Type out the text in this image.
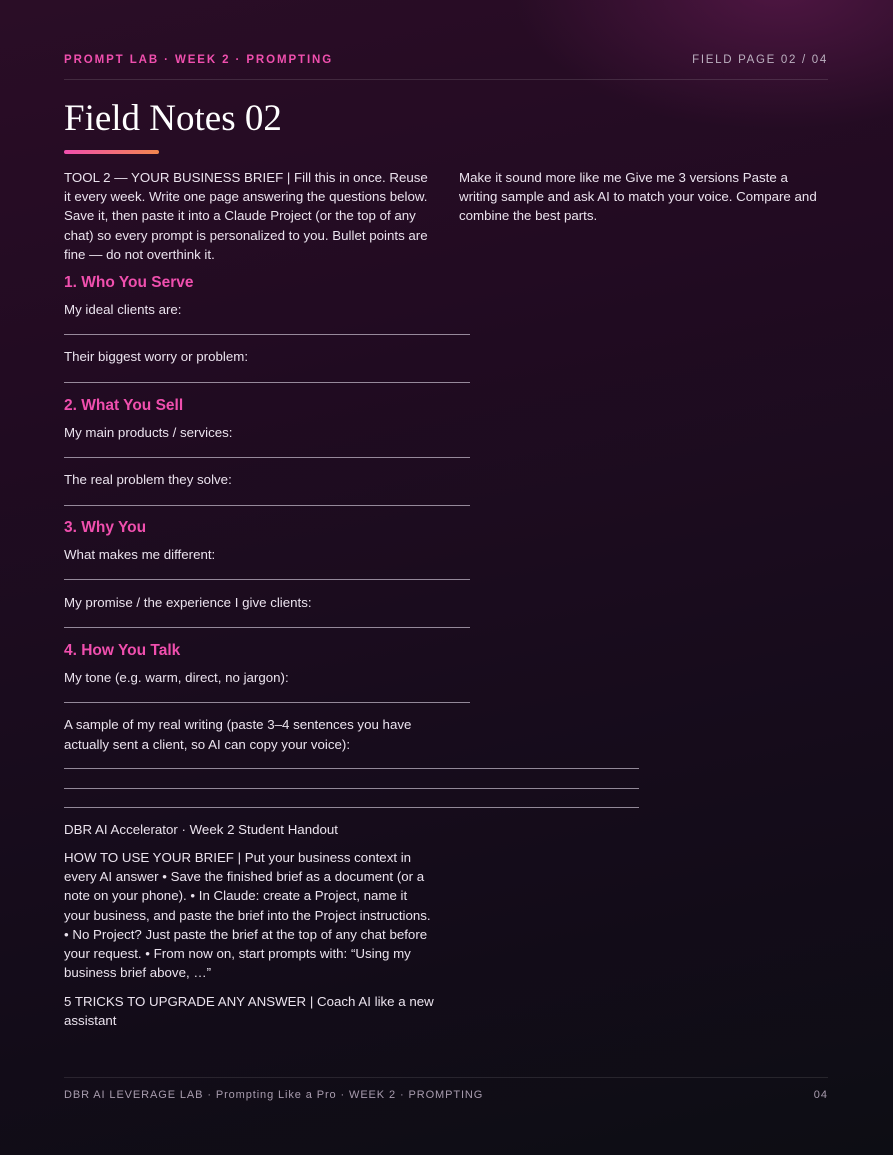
PROMPT LAB · WEEK 2 · PROMPTING	FIELD PAGE 02 / 04
Field Notes 02

TOOL 2 — YOUR BUSINESS BRIEF | Fill this in once. Reuse it every week. Write one page answering the questions below. Save it, then paste it into a Claude Project (or the top of any chat) so every prompt is personalized to you. Bullet points are fine — do not overthink it.

Make it sound more like me Give me 3 versions Paste a writing sample and ask AI to match your voice. Compare and combine the best parts.

1. Who You Serve

My ideal clients are:

Their biggest worry or problem:

2. What You Sell

My main products / services:

The real problem they solve:

3. Why You

What makes me different:

My promise / the experience I give clients:

4. How You Talk

My tone (e.g. warm, direct, no jargon):

A sample of my real writing (paste 3–4 sentences you have actually sent a client, so AI can copy your voice):

DBR AI Accelerator · Week 2 Student Handout

HOW TO USE YOUR BRIEF | Put your business context in every AI answer • Save the finished brief as a document (or a note on your phone). • In Claude: create a Project, name it your business, and paste the brief into the Project instructions. • No Project? Just paste the brief at the top of any chat before your request. • From now on, start prompts with: “Using my business brief above, …”

5 TRICKS TO UPGRADE ANY ANSWER | Coach AI like a new assistant

DBR AI LEVERAGE LAB · Prompting Like a Pro · WEEK 2 · PROMPTING	04
